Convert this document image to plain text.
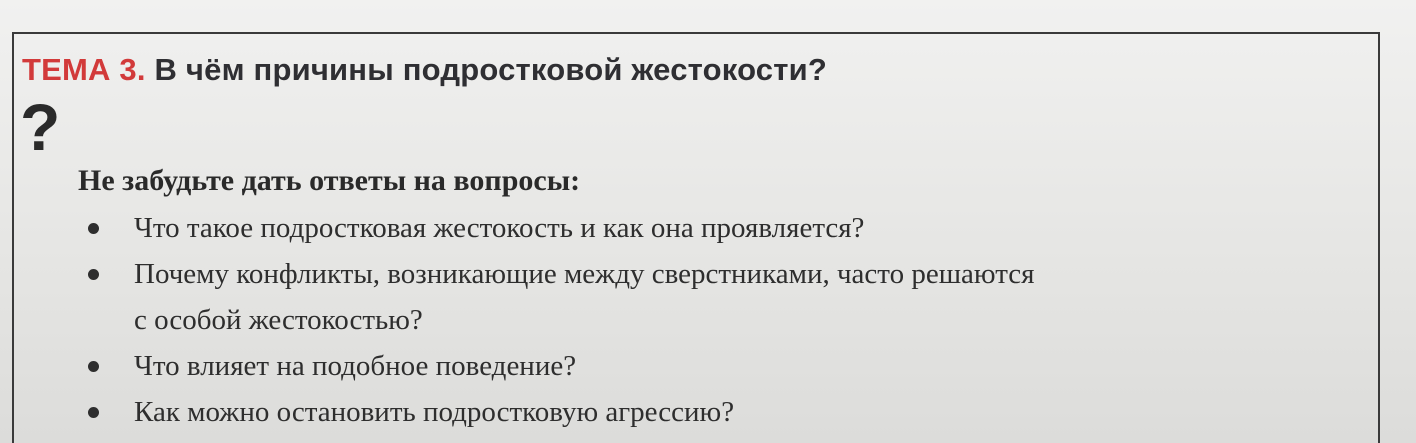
ТЕМА 3. В чём причины подростковой жестокости?
?

Не забудьте дать ответы на вопросы:

Что такое подростковая жестокость и как она проявляется?
Почему конфликты, возникающие между сверстниками, часто решаются
с особой жестокостью?
Что влияет на подобное поведение?
Как можно остановить подростковую агрессию?
